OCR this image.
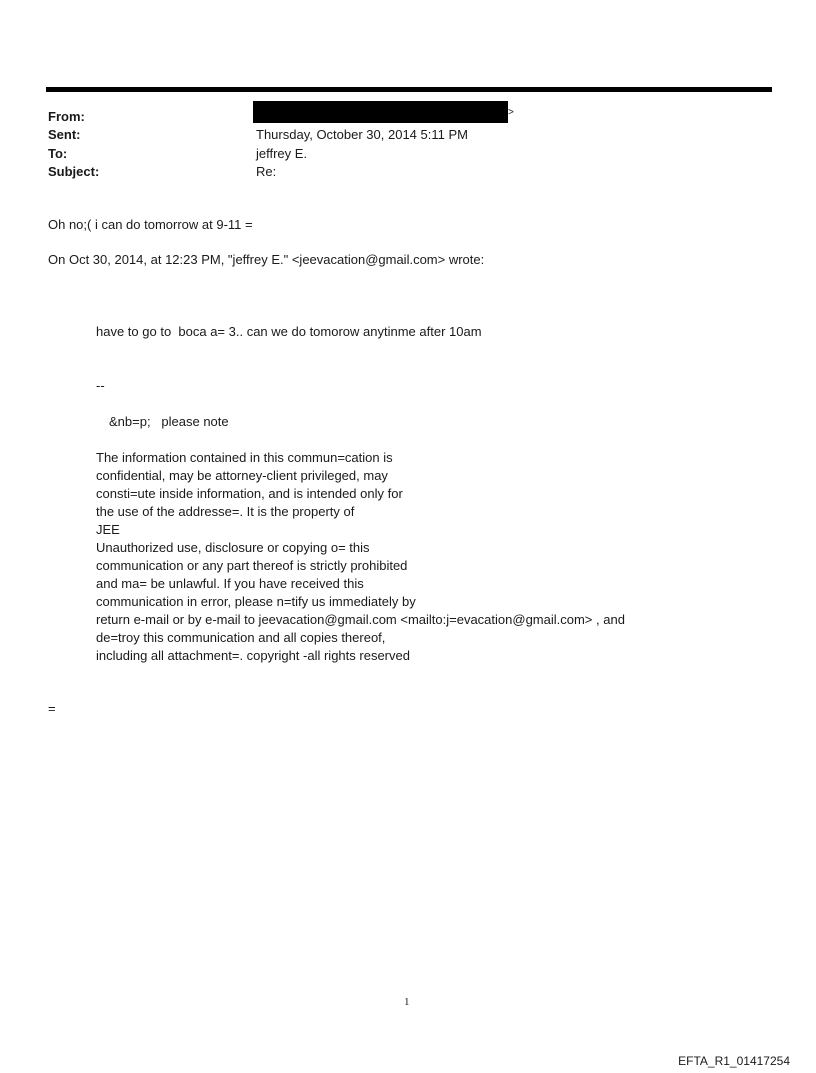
From:	>
Sent:	Thursday, October 30, 2014 5:11 PM
To:	jeffrey E.
Subject:	Re:
Oh no;( i can do tomorrow at 9-11 =
On Oct 30, 2014, at 12:23 PM, "jeffrey E." <jeevacation@gmail.com> wrote:
have to go to  boca a= 3.. can we do tomorow anytinme after 10am
--
&nb=p;   please note
The information contained in this commun=cation is
confidential, may be attorney-client privileged, may
consti=ute inside information, and is intended only for
the use of the addresse=. It is the property of
JEE
Unauthorized use, disclosure or copying o= this
communication or any part thereof is strictly prohibited
and ma= be unlawful. If you have received this
communication in error, please n=tify us immediately by
return e-mail or by e-mail to jeevacation@gmail.com <mailto:j=evacation@gmail.com> , and
de=troy this communication and all copies thereof,
including all attachment=. copyright -all rights reserved
=
1
EFTA_R1_01417254
